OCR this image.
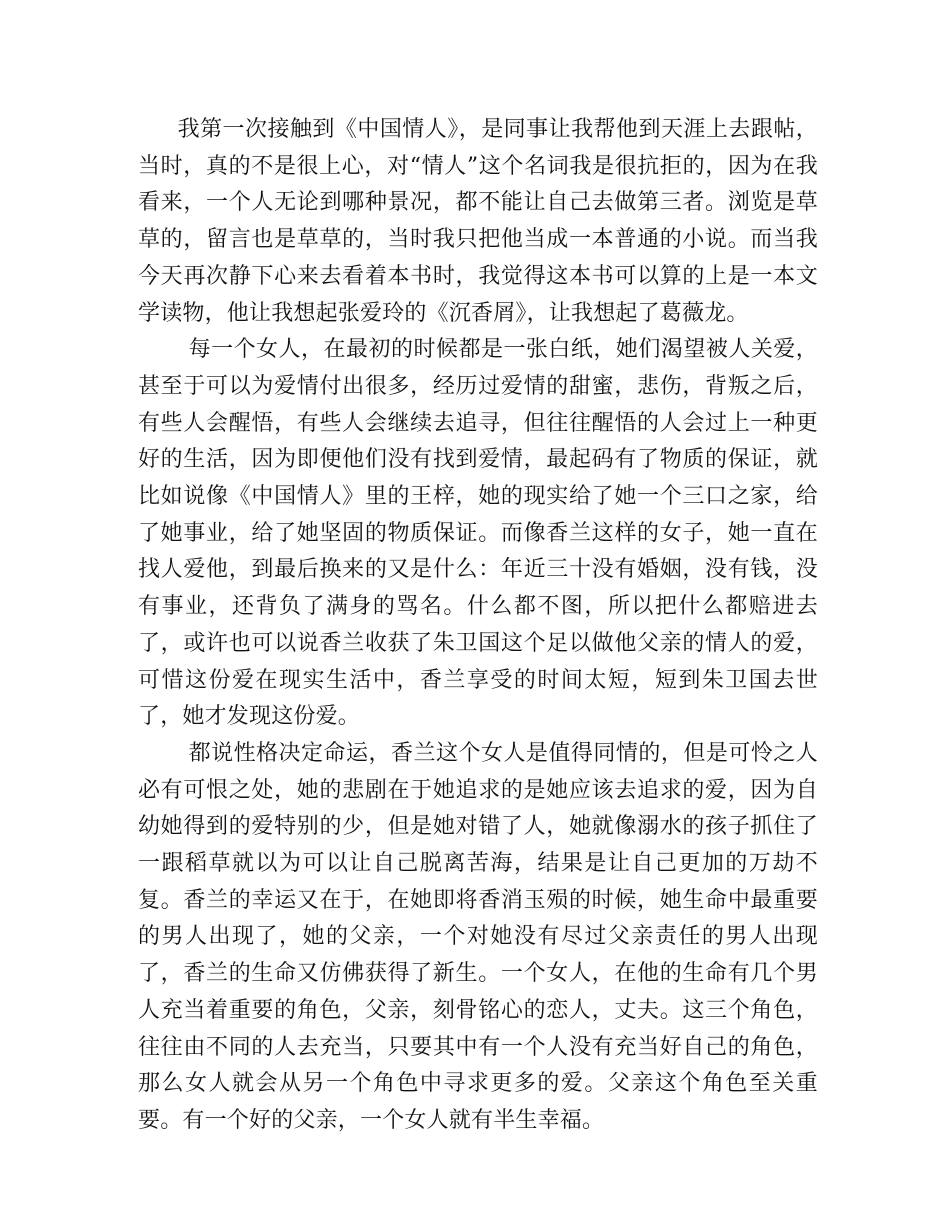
我第一次接触到《中国情人》，是同事让我帮他到天涯上去跟帖，当时，真的不是很上心，对“情人”这个名词我是很抗拒的，因为在我看来，一个人无论到哪种景况，都不能让自己去做第三者。浏览是草草的，留言也是草草的，当时我只把他当成一本普通的小说。而当我今天再次静下心来去看着本书时，我觉得这本书可以算的上是一本文学读物，他让我想起张爱玲的《沉香屑》，让我想起了葛薇龙。

每一个女人，在最初的时候都是一张白纸，她们渴望被人关爱，甚至于可以为爱情付出很多，经历过爱情的甜蜜，悲伤，背叛之后，有些人会醒悟，有些人会继续去追寻，但往往醒悟的人会过上一种更好的生活，因为即便他们没有找到爱情，最起码有了物质的保证，就比如说像《中国情人》里的王梓，她的现实给了她一个三口之家，给了她事业，给了她坚固的物质保证。而像香兰这样的女子，她一直在找人爱他，到最后换来的又是什么：年近三十没有婚姻，没有钱，没有事业，还背负了满身的骂名。什么都不图，所以把什么都赔进去了，或许也可以说香兰收获了朱卫国这个足以做他父亲的情人的爱，可惜这份爱在现实生活中，香兰享受的时间太短，短到朱卫国去世了，她才发现这份爱。

都说性格决定命运，香兰这个女人是值得同情的，但是可怜之人必有可恨之处，她的悲剧在于她追求的是她应该去追求的爱，因为自幼她得到的爱特别的少，但是她对错了人，她就像溺水的孩子抓住了一跟稻草就以为可以让自己脱离苦海，结果是让自己更加的万劫不复。香兰的幸运又在于，在她即将香消玉殒的时候，她生命中最重要的男人出现了，她的父亲，一个对她没有尽过父亲责任的男人出现了，香兰的生命又仿佛获得了新生。一个女人，在他的生命有几个男人充当着重要的角色，父亲，刻骨铭心的恋人，丈夫。这三个角色，往往由不同的人去充当，只要其中有一个人没有充当好自己的角色，那么女人就会从另一个角色中寻求更多的爱。父亲这个角色至关重要。有一个好的父亲，一个女人就有半生幸福。
